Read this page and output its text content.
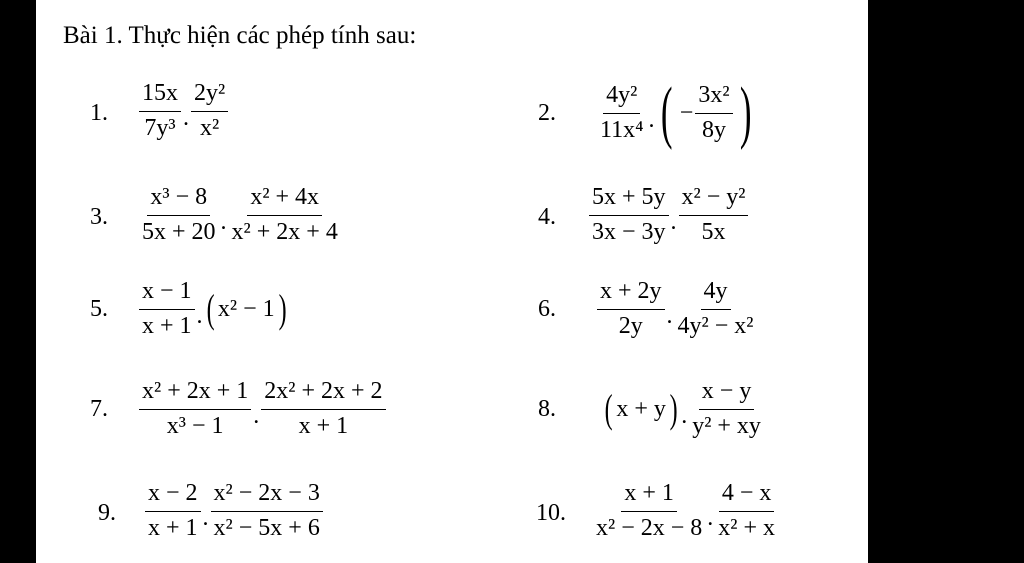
Bài 1. Thực hiện các phép tính sau:
1. $\frac{15x}{\text{7y³}}$ . $\frac{\text{2y²}}{\text{x²}}$	2. $\frac{\text{4y²}}{\text{11x⁴}}$ . ( − $\frac{\text{3x²}}{8y}$ )
3. $\frac{\text{x³ − 8}}{5x + 20}$ . $\frac{\text{x² + 4x}}{\text{x² + 2x + 4}}$	4. $\frac{5x + 5y}{3x - 3y}$ . $\frac{\text{x² − y²}}{5x}$
5. $\frac{x - 1}{x + 1}$ . ( x² − 1 )	6. $\frac{x + 2y}{2y}$ . $\frac{4y}{\text{4y² − x²}}$
7. $\frac{\text{x² + 2x + 1}}{\text{x³ − 1}}$ . $\frac{\text{2x² + 2x + 2}}{x + 1}$	8. ( x + y ) . $\frac{x - y}{\text{y² + xy}}$
9. $\frac{x - 2}{x + 1}$ . $\frac{\text{x² − 2x − 3}}{\text{x² − 5x + 6}}$	10. $\frac{x + 1}{\text{x² − 2x − 8}}$ . $\frac{4 - x}{\text{x² + x}}$
